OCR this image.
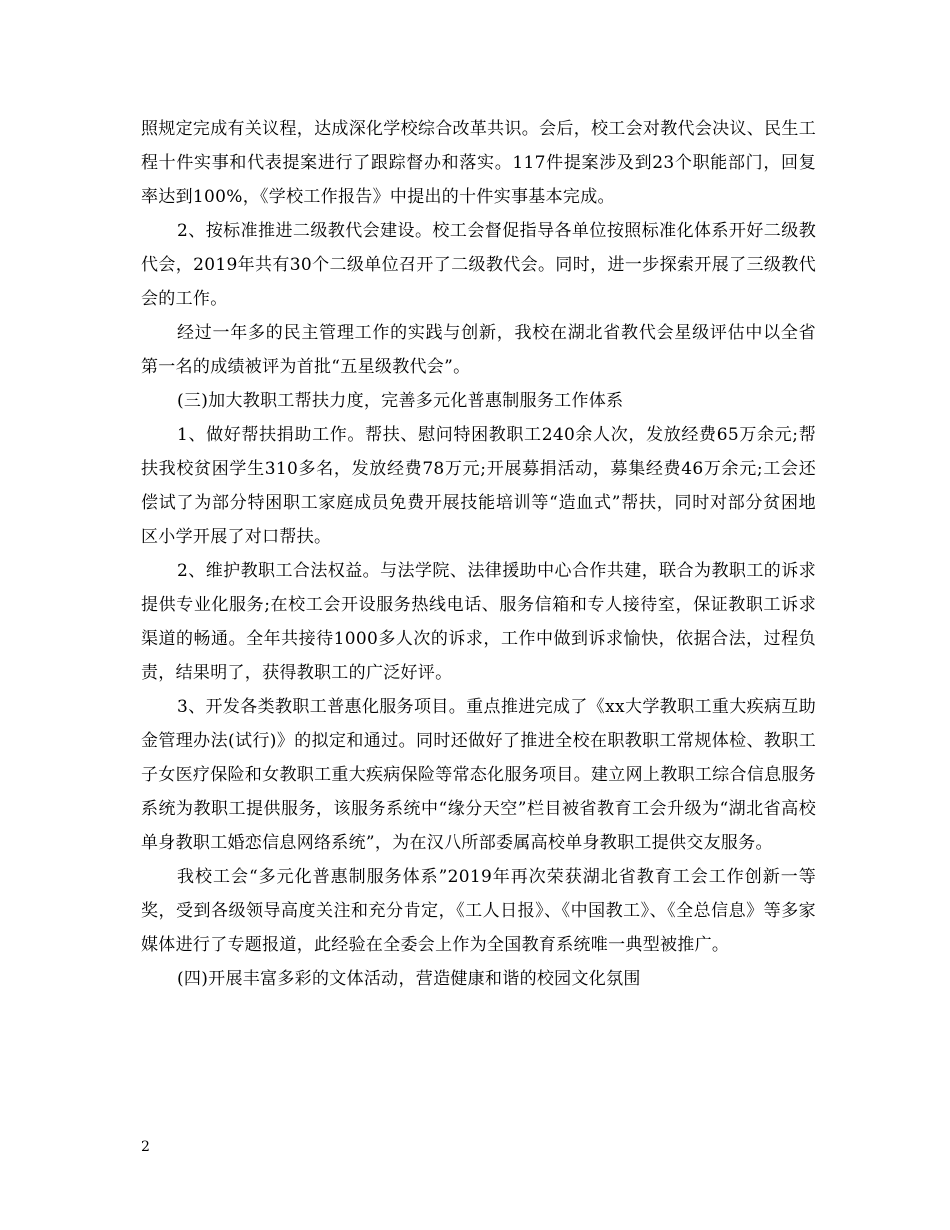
照规定完成有关议程，达成深化学校综合改革共识。会后，校工会对教代会决议、民生工程十件实事和代表提案进行了跟踪督办和落实。117件提案涉及到23个职能部门，回复率达到100%，《学校工作报告》中提出的十件实事基本完成。

2、按标准推进二级教代会建设。校工会督促指导各单位按照标准化体系开好二级教代会，2019年共有30个二级单位召开了二级教代会。同时，进一步探索开展了三级教代会的工作。

经过一年多的民主管理工作的实践与创新，我校在湖北省教代会星级评估中以全省第一名的成绩被评为首批“五星级教代会”。

(三)加大教职工帮扶力度，完善多元化普惠制服务工作体系

1、做好帮扶捐助工作。帮扶、慰问特困教职工240余人次，发放经费65万余元;帮扶我校贫困学生310多名，发放经费78万元;开展募捐活动，募集经费46万余元;工会还偿试了为部分特困职工家庭成员免费开展技能培训等“造血式”帮扶，同时对部分贫困地区小学开展了对口帮扶。

2、维护教职工合法权益。与法学院、法律援助中心合作共建，联合为教职工的诉求提供专业化服务;在校工会开设服务热线电话、服务信箱和专人接待室，保证教职工诉求渠道的畅通。全年共接待1000多人次的诉求，工作中做到诉求愉快，依据合法，过程负责，结果明了，获得教职工的广泛好评。

3、开发各类教职工普惠化服务项目。重点推进完成了《xx大学教职工重大疾病互助金管理办法(试行)》的拟定和通过。同时还做好了推进全校在职教职工常规体检、教职工子女医疗保险和女教职工重大疾病保险等常态化服务项目。建立网上教职工综合信息服务系统为教职工提供服务，该服务系统中“缘分天空”栏目被省教育工会升级为“湖北省高校单身教职工婚恋信息网络系统”，为在汉八所部委属高校单身教职工提供交友服务。

我校工会“多元化普惠制服务体系”2019年再次荣获湖北省教育工会工作创新一等奖，受到各级领导高度关注和充分肯定，《工人日报》、《中国教工》、《全总信息》等多家媒体进行了专题报道，此经验在全委会上作为全国教育系统唯一典型被推广。

(四)开展丰富多彩的文体活动，营造健康和谐的校园文化氛围

2
